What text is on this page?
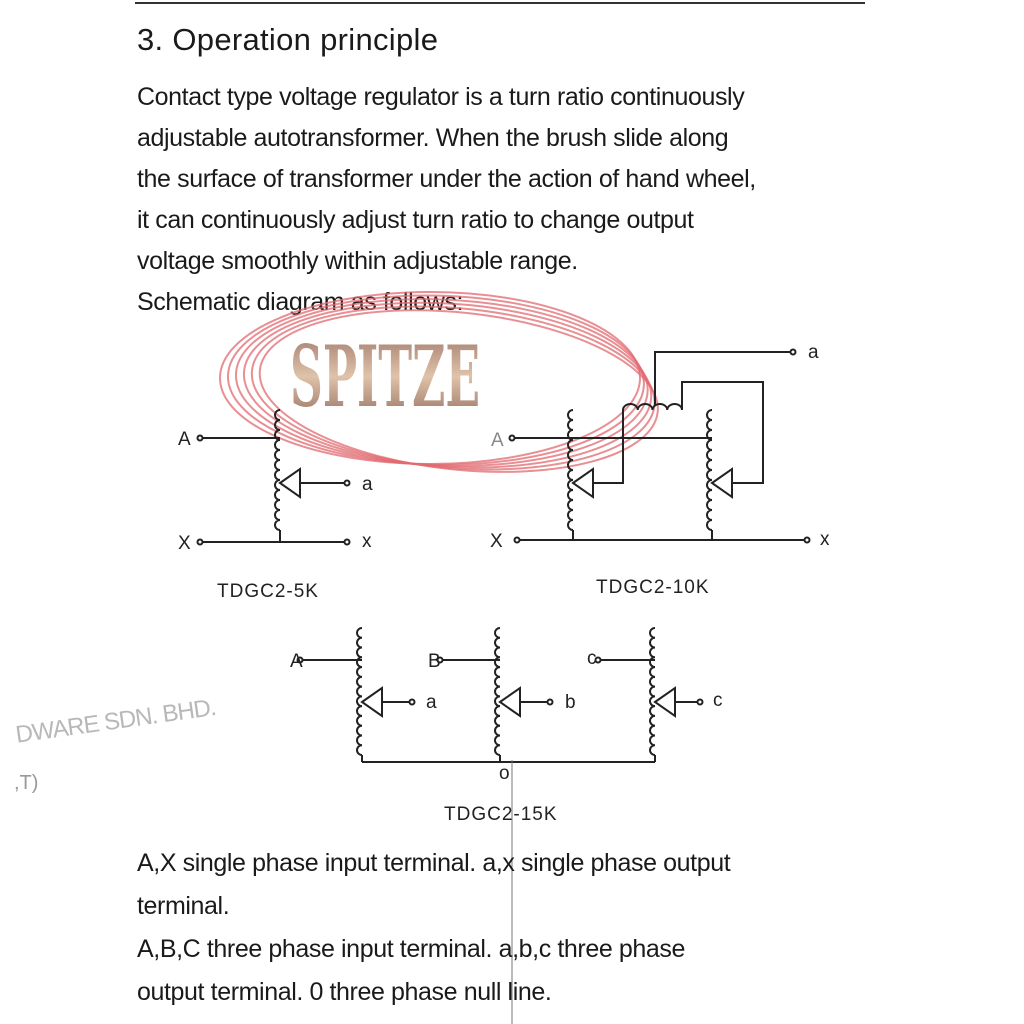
3. Operation principle
Contact type voltage regulator is a turn ratio continuously
adjustable autotransformer. When the brush slide along
the surface of transformer under the action of hand wheel,
it can continuously adjust turn ratio to change output
voltage smoothly within adjustable range.
Schematic diagram as follows:
DWARE SDN. BHD.
,T)
SPITZE
A
X
a
x
TDGC2-5K
A
X
a
x
TDGC2-10K
A	B	c
a	b	c
o
TDGC2-15K
A,X single phase input terminal. a,x single phase output
terminal.
A,B,C three phase input terminal. a,b,c three phase
output terminal. 0 three phase null line.
